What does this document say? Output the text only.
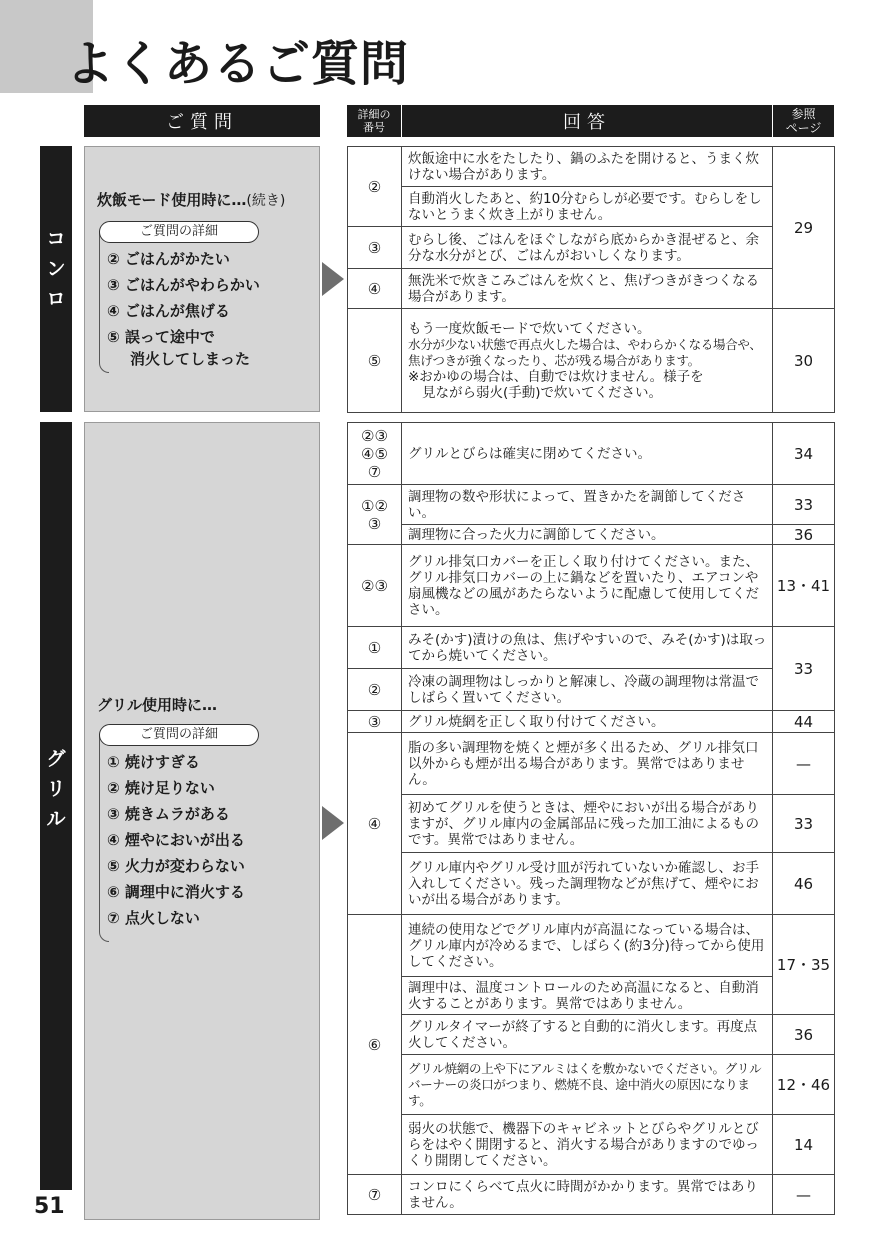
よくあるご質問
ご質問	詳細の
番号	回答	参照
ページ
コ
ン
ロ
炊飯モード使用時に…(続き)
ご質問の詳細
② ごはんがかたい
③ ごはんがやわらかい
④ ごはんが焦げる
⑤ 誤って途中で
消火してしまった
②	炊飯途中に水をたしたり、鍋のふたを開けると、うまく炊けない場合があります。	29
	自動消火したあと、約10分むらしが必要です。むらしをしないとうまく炊き上がりません。	
③	むらし後、ごはんをほぐしながら底からかき混ぜると、余分な水分がとび、ごはんがおいしくなります。	
④	無洗米で炊きこみごはんを炊くと、焦げつきがきつくなる場合があります。	
⑤	もう一度炊飯モードで炊いてください。
水分が少ない状態で再点火した場合は、やわらかくなる場合や、焦げつきが強くなったり、芯が残る場合があります。
※おかゆの場合は、自動では炊けません。様子を
見ながら弱火(手動)で炊いてください。	30
グ
リ
ル
グリル使用時に…
ご質問の詳細
① 焼けすぎる
② 焼け足りない
③ 焼きムラがある
④ 煙やにおいが出る
⑤ 火力が変わらない
⑥ 調理中に消火する
⑦ 点火しない
②③
④⑤
⑦	グリルとびらは確実に閉めてください。	34
①②
③	調理物の数や形状によって、置きかたを調節してください。	33
	調理物に合った火力に調節してください。	36
②③	グリル排気口カバーを正しく取り付けてください。また、グリル排気口カバーの上に鍋などを置いたり、エアコンや扇風機などの風があたらないように配慮して使用してください。	13・41
①	みそ(かす)漬けの魚は、焦げやすいので、みそ(かす)は取ってから焼いてください。	33
②	冷凍の調理物はしっかりと解凍し、冷蔵の調理物は常温でしばらく置いてください。	
③	グリル焼網を正しく取り付けてください。	44
④	脂の多い調理物を焼くと煙が多く出るため、グリル排気口以外からも煙が出る場合があります。異常ではありません。	—
	初めてグリルを使うときは、煙やにおいが出る場合がありますが、グリル庫内の金属部品に残った加工油によるものです。異常ではありません。	33
	グリル庫内やグリル受け皿が汚れていないか確認し、お手入れしてください。残った調理物などが焦げて、煙やにおいが出る場合があります。	46
⑥	連続の使用などでグリル庫内が高温になっている場合は、グリル庫内が冷めるまで、しばらく(約3分)待ってから使用してください。	17・35
	調理中は、温度コントロールのため高温になると、自動消火することがあります。異常ではありません。	
	グリルタイマーが終了すると自動的に消火します。再度点火してください。	36
	グリル焼網の上や下にアルミはくを敷かないでください。グリルバーナーの炎口がつまり、燃焼不良、途中消火の原因になります。	12・46
	弱火の状態で、機器下のキャビネットとびらやグリルとびらをはやく開閉すると、消火する場合がありますのでゆっくり開閉してください。	14
⑦	コンロにくらべて点火に時間がかかります。異常ではありません。	—
51
